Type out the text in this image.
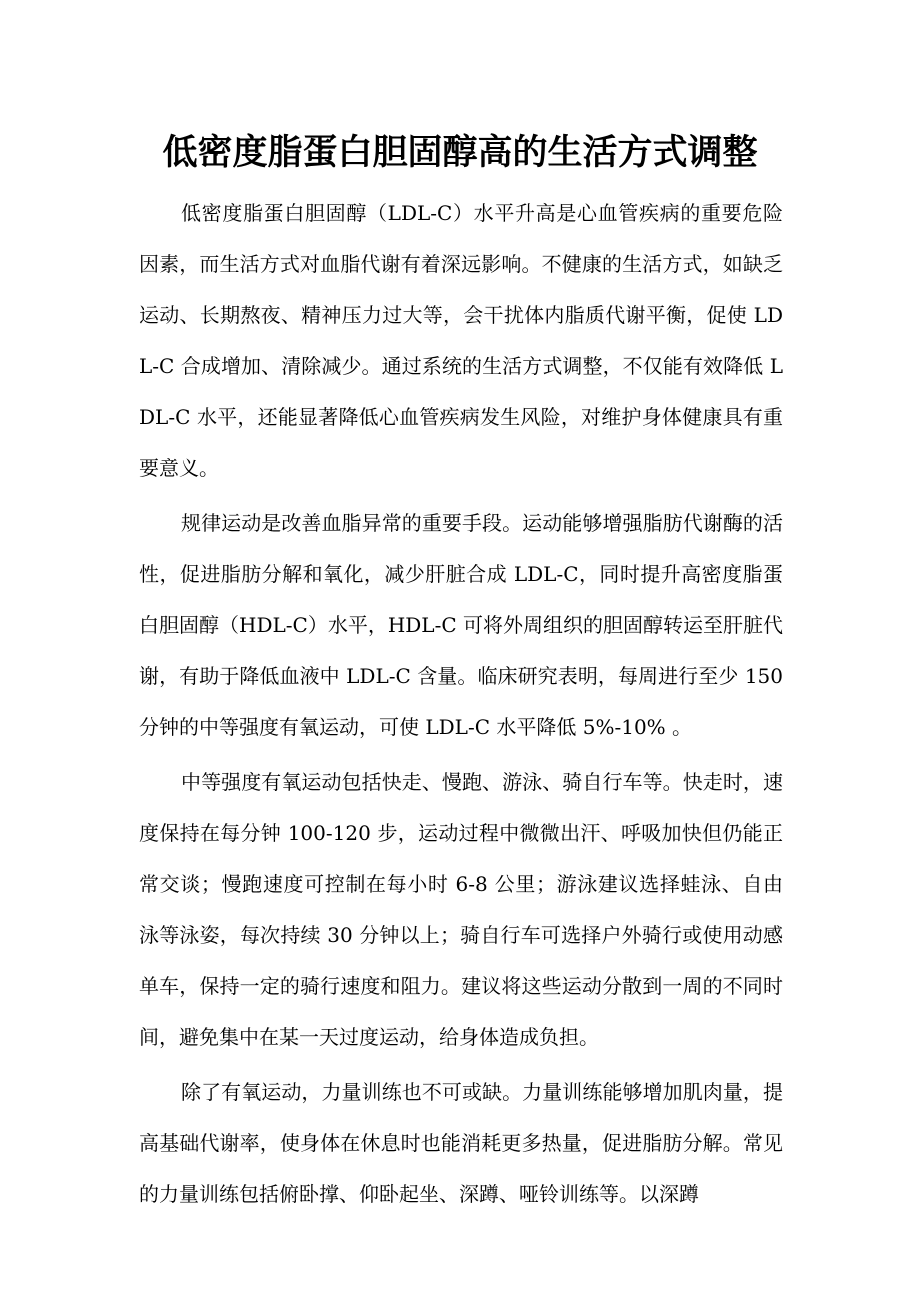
低密度脂蛋白胆固醇高的生活方式调整

低密度脂蛋白胆固醇（LDL-C）水平升高是心血管疾病的重要危险因素，而生活方式对血脂代谢有着深远影响。不健康的生活方式，如缺乏运动、长期熬夜、精神压力过大等，会干扰体内脂质代谢平衡，促使 LDL-C 合成增加、清除减少。通过系统的生活方式调整，不仅能有效降低 LDL-C 水平，还能显著降低心血管疾病发生风险，对维护身体健康具有重要意义。

规律运动是改善血脂异常的重要手段。运动能够增强脂肪代谢酶的活性，促进脂肪分解和氧化，减少肝脏合成 LDL-C，同时提升高密度脂蛋白胆固醇（HDL-C）水平，HDL-C 可将外周组织的胆固醇转运至肝脏代谢，有助于降低血液中 LDL-C 含量。临床研究表明，每周进行至少 150 分钟的中等强度有氧运动，可使 LDL-C 水平降低 5%-10% 。

中等强度有氧运动包括快走、慢跑、游泳、骑自行车等。快走时，速度保持在每分钟 100-120 步，运动过程中微微出汗、呼吸加快但仍能正常交谈；慢跑速度可控制在每小时 6-8 公里；游泳建议选择蛙泳、自由泳等泳姿，每次持续 30 分钟以上；骑自行车可选择户外骑行或使用动感单车，保持一定的骑行速度和阻力。建议将这些运动分散到一周的不同时间，避免集中在某一天过度运动，给身体造成负担。

除了有氧运动，力量训练也不可或缺。力量训练能够增加肌肉量，提高基础代谢率，使身体在休息时也能消耗更多热量，促进脂肪分解。常见的力量训练包括俯卧撑、仰卧起坐、深蹲、哑铃训练等。以深蹲
